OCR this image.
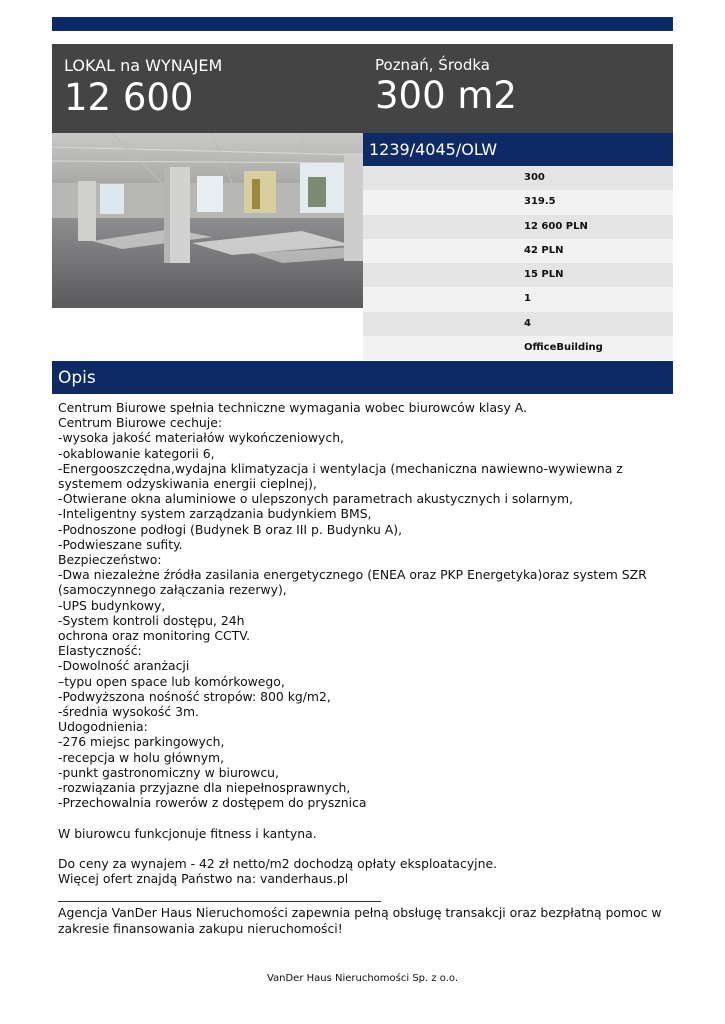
LOKAL na WYNAJEM
12 600
Poznań, Środka
300 m2
1239/4045/OLW
300
319.5
12 600 PLN
42 PLN
15 PLN
1
4
OfficeBuilding
Opis
Centrum Biurowe spełnia techniczne wymagania wobec biurowców klasy A.
Centrum Biurowe cechuje:
-wysoka jakość materiałów wykończeniowych,
-okablowanie kategorii 6,
-Energooszczędna,wydajna klimatyzacja i wentylacja (mechaniczna nawiewno-wywiewna z
systemem odzyskiwania energii cieplnej),
-Otwierane okna aluminiowe o ulepszonych parametrach akustycznych i solarnym,
-Inteligentny system zarządzania budynkiem BMS,
-Podnoszone podłogi (Budynek B oraz III p. Budynku A),
-Podwieszane sufity.
Bezpieczeństwo:
-Dwa niezależne źródła zasilania energetycznego (ENEA oraz PKP Energetyka)oraz system SZR
(samoczynnego załączania rezerwy),
-UPS budynkowy,
-System kontroli dostępu, 24h
ochrona oraz monitoring CCTV.
Elastyczność:
-Dowolność aranżacji
–typu open space lub komórkowego,
-Podwyższona nośność stropów: 800 kg/m2,
-średnia wysokość 3m.
Udogodnienia:
-276 miejsc parkingowych,
-recepcja w holu głównym,
-punkt gastronomiczny w biurowcu,
-rozwiązania przyjazne dla niepełnosprawnych,
-Przechowalnia rowerów z dostępem do prysznica
W biurowcu funkcjonuje fitness i kantyna.
Do ceny za wynajem - 42 zł netto/m2 dochodzą opłaty eksploatacyjne.
Więcej ofert znajdą Państwo na: vanderhaus.pl
Agencja VanDer Haus Nieruchomości zapewnia pełną obsługę transakcji oraz bezpłatną pomoc w
zakresie finansowania zakupu nieruchomości!
VanDer Haus Nieruchomości Sp. z o.o.
